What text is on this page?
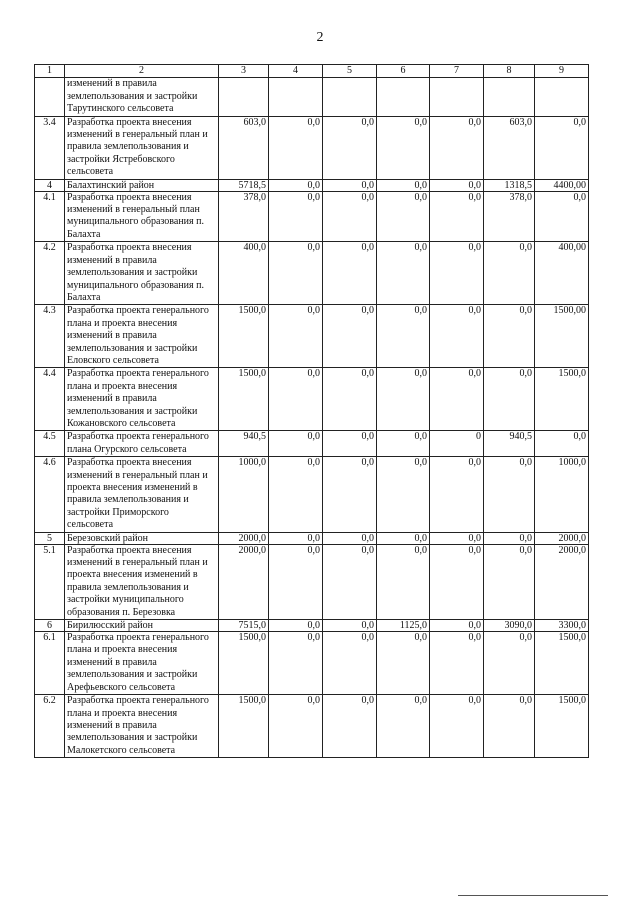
2
1	2	3	4	5	6	7	8	9
	изменений в правила землепользования и застройки Тарутинского сельсовета							
3.4	Разработка проекта внесения изменений в генеральный план и правила землепользования и застройки Ястребовского сельсовета	603,0	0,0	0,0	0,0	0,0	603,0	0,0
4	Балахтинский район	5718,5	0,0	0,0	0,0	0,0	1318,5	4400,00
4.1	Разработка проекта внесения изменений в генеральный план муниципального образования п. Балахта	378,0	0,0	0,0	0,0	0,0	378,0	0,0
4.2	Разработка проекта внесения изменений в правила землепользования и застройки муниципального образования п. Балахта	400,0	0,0	0,0	0,0	0,0	0,0	400,00
4.3	Разработка проекта генерального плана и проекта внесения изменений в правила землепользования и застройки Еловского сельсовета	1500,0	0,0	0,0	0,0	0,0	0,0	1500,00
4.4	Разработка проекта генерального плана и проекта внесения изменений в правила землепользования и застройки Кожановского сельсовета	1500,0	0,0	0,0	0,0	0,0	0,0	1500,0
4.5	Разработка проекта генерального плана Огурского сельсовета	940,5	0,0	0,0	0,0	0	940,5	0,0
4.6	Разработка проекта внесения изменений в генеральный план и проекта внесения изменений в правила землепользования и застройки Приморского сельсовета	1000,0	0,0	0,0	0,0	0,0	0,0	1000,0
5	Березовский район	2000,0	0,0	0,0	0,0	0,0	0,0	2000,0
5.1	Разработка проекта внесения изменений в генеральный план и проекта внесения изменений в правила землепользования и застройки муниципального образования п. Березовка	2000,0	0,0	0,0	0,0	0,0	0,0	2000,0
6	Бирилюсский район	7515,0	0,0	0,0	1125,0	0,0	3090,0	3300,0
6.1	Разработка проекта генерального плана и проекта внесения изменений в правила землепользования и застройки Арефьевского сельсовета	1500,0	0,0	0,0	0,0	0,0	0,0	1500,0
6.2	Разработка проекта генерального плана и проекта внесения изменений в правила землепользования и застройки Малокетского сельсовета	1500,0	0,0	0,0	0,0	0,0	0,0	1500,0
